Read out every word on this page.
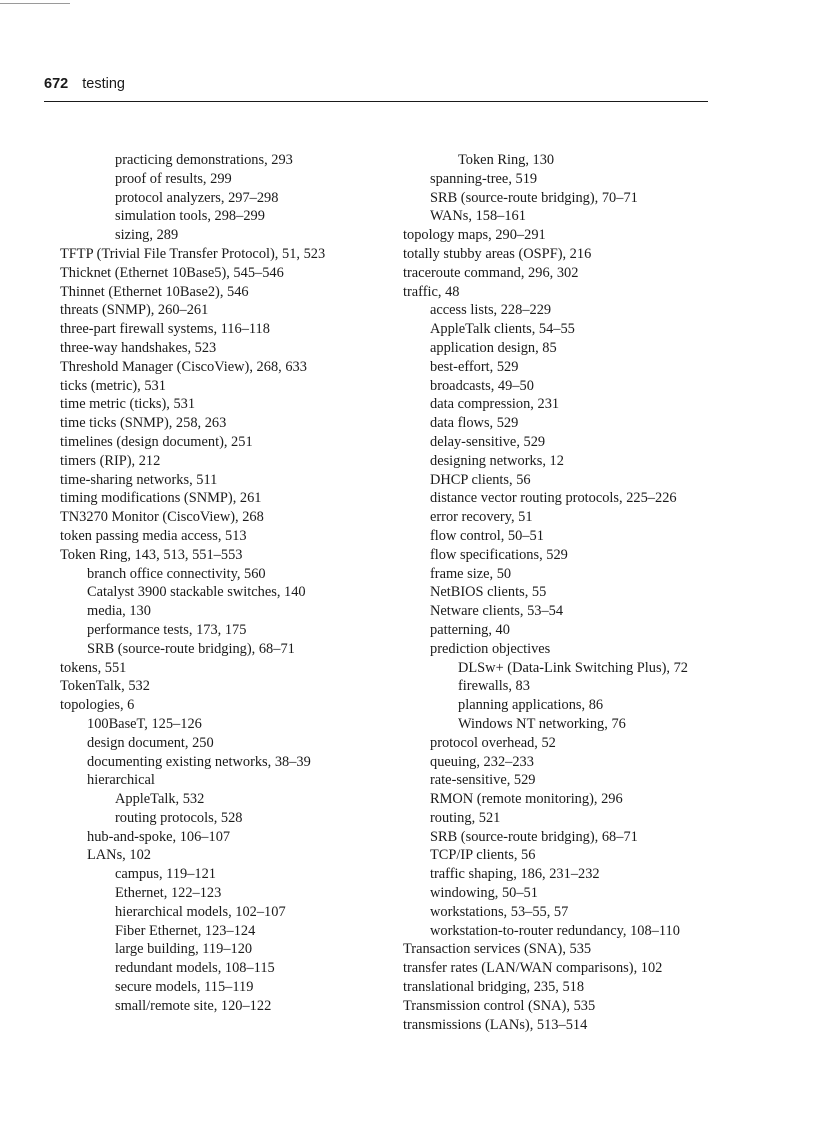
672 testing

practicing demonstrations, 293

proof of results, 299

protocol analyzers, 297–298

simulation tools, 298–299

sizing, 289

TFTP (Trivial File Transfer Protocol), 51, 523

Thicknet (Ethernet 10Base5), 545–546

Thinnet (Ethernet 10Base2), 546

threats (SNMP), 260–261

three-part firewall systems, 116–118

three-way handshakes, 523

Threshold Manager (CiscoView), 268, 633

ticks (metric), 531

time metric (ticks), 531

time ticks (SNMP), 258, 263

timelines (design document), 251

timers (RIP), 212

time-sharing networks, 511

timing modifications (SNMP), 261

TN3270 Monitor (CiscoView), 268

token passing media access, 513

Token Ring, 143, 513, 551–553

branch office connectivity, 560

Catalyst 3900 stackable switches, 140

media, 130

performance tests, 173, 175

SRB (source-route bridging), 68–71

tokens, 551

TokenTalk, 532

topologies, 6

100BaseT, 125–126

design document, 250

documenting existing networks, 38–39

hierarchical

AppleTalk, 532

routing protocols, 528

hub-and-spoke, 106–107

LANs, 102

campus, 119–121

Ethernet, 122–123

hierarchical models, 102–107

Fiber Ethernet, 123–124

large building, 119–120

redundant models, 108–115

secure models, 115–119

small/remote site, 120–122

Token Ring, 130

spanning-tree, 519

SRB (source-route bridging), 70–71

WANs, 158–161

topology maps, 290–291

totally stubby areas (OSPF), 216

traceroute command, 296, 302

traffic, 48

access lists, 228–229

AppleTalk clients, 54–55

application design, 85

best-effort, 529

broadcasts, 49–50

data compression, 231

data flows, 529

delay-sensitive, 529

designing networks, 12

DHCP clients, 56

distance vector routing protocols, 225–226

error recovery, 51

flow control, 50–51

flow specifications, 529

frame size, 50

NetBIOS clients, 55

Netware clients, 53–54

patterning, 40

prediction objectives

DLSw+ (Data-Link Switching Plus), 72

firewalls, 83

planning applications, 86

Windows NT networking, 76

protocol overhead, 52

queuing, 232–233

rate-sensitive, 529

RMON (remote monitoring), 296

routing, 521

SRB (source-route bridging), 68–71

TCP/IP clients, 56

traffic shaping, 186, 231–232

windowing, 50–51

workstations, 53–55, 57

workstation-to-router redundancy, 108–110

Transaction services (SNA), 535

transfer rates (LAN/WAN comparisons), 102

translational bridging, 235, 518

Transmission control (SNA), 535

transmissions (LANs), 513–514
